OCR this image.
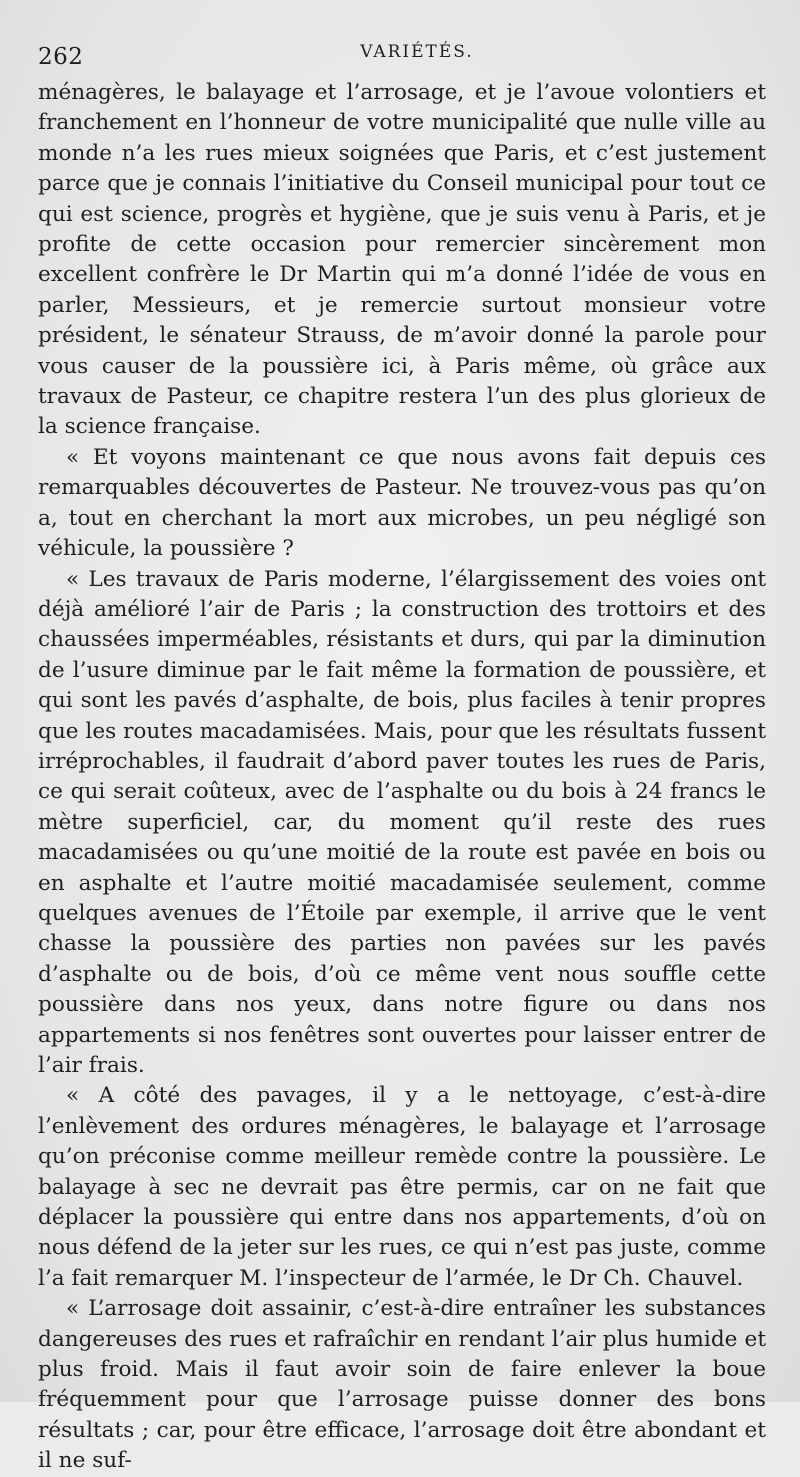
262	VARIÉTÉS.

ménagères, le balayage et l’arrosage, et je l’avoue volontiers et franchement en l’honneur de votre municipalité que nulle ville au monde n’a les rues mieux soignées que Paris, et c’est justement parce que je connais l’initiative du Conseil municipal pour tout ce qui est science, progrès et hygiène, que je suis venu à Paris, et je profite de cette occasion pour remercier sincèrement mon excellent confrère le Dr Martin qui m’a donné l’idée de vous en parler, Messieurs, et je remercie surtout monsieur votre président, le sénateur Strauss, de m’avoir donné la parole pour vous causer de la poussière ici, à Paris même, où grâce aux travaux de Pasteur, ce chapitre restera l’un des plus glorieux de la science française.

« Et voyons maintenant ce que nous avons fait depuis ces remarquables découvertes de Pasteur. Ne trouvez-vous pas qu’on a, tout en cherchant la mort aux microbes, un peu négligé son véhicule, la poussière ?

« Les travaux de Paris moderne, l’élargissement des voies ont déjà amélioré l’air de Paris ; la construction des trottoirs et des chaussées imperméables, résistants et durs, qui par la diminution de l’usure diminue par le fait même la formation de poussière, et qui sont les pavés d’asphalte, de bois, plus faciles à tenir propres que les routes macadamisées. Mais, pour que les résultats fussent irréprochables, il faudrait d’abord paver toutes les rues de Paris, ce qui serait coûteux, avec de l’asphalte ou du bois à 24 francs le mètre superficiel, car, du moment qu’il reste des rues macadamisées ou qu’une moitié de la route est pavée en bois ou en asphalte et l’autre moitié macadamisée seulement, comme quelques avenues de l’Étoile par exemple, il arrive que le vent chasse la poussière des parties non pavées sur les pavés d’asphalte ou de bois, d’où ce même vent nous souffle cette poussière dans nos yeux, dans notre figure ou dans nos appartements si nos fenêtres sont ouvertes pour laisser entrer de l’air frais.

« A côté des pavages, il y a le nettoyage, c’est-à-dire l’enlèvement des ordures ménagères, le balayage et l’arrosage qu’on préconise comme meilleur remède contre la poussière. Le balayage à sec ne devrait pas être permis, car on ne fait que déplacer la poussière qui entre dans nos appartements, d’où on nous défend de la jeter sur les rues, ce qui n’est pas juste, comme l’a fait remarquer M. l’inspecteur de l’armée, le Dr Ch. Chauvel.

« L’arrosage doit assainir, c’est-à-dire entraîner les substances dangereuses des rues et rafraîchir en rendant l’air plus humide et plus froid. Mais il faut avoir soin de faire enlever la boue fréquemment pour que l’arrosage puisse donner des bons résultats ; car, pour être efficace, l’arrosage doit être abondant et il ne suf-
